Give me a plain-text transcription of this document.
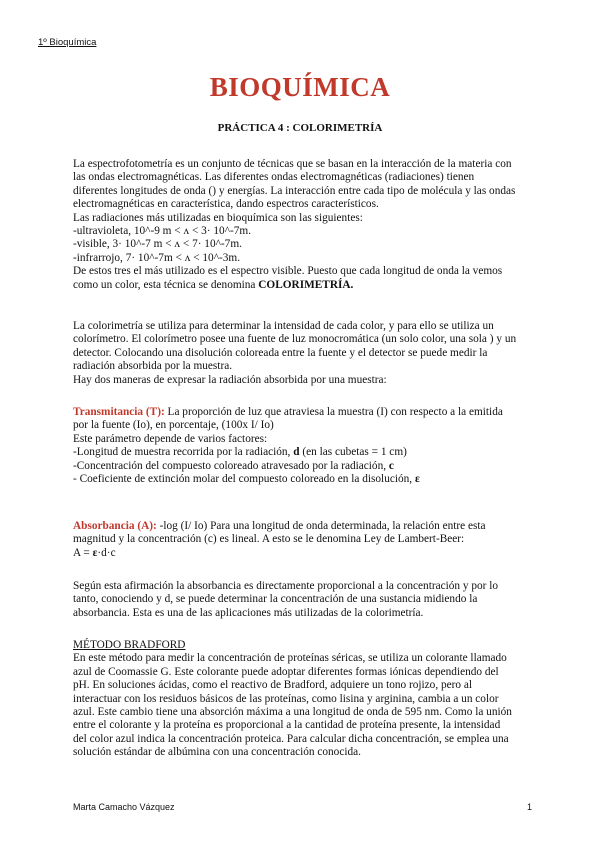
1º Bioquímica
BIOQUÍMICA
PRÁCTICA 4 : COLORIMETRÍA

La espectrofotometría es un conjunto de técnicas que se basan en la interacción de la materia con

las ondas electromagnéticas. Las diferentes ondas electromagnéticas (radiaciones) tienen

diferentes longitudes de onda () y energías. La interacción entre cada tipo de molécula y las ondas

electromagnéticas en característica, dando espectros característicos.

Las radiaciones más utilizadas en bioquímica son las siguientes:

-ultravioleta, 10^-9 m < ʌ < 3· 10^-7m.

-visible, 3· 10^-7 m < ʌ < 7· 10^-7m.

-infrarrojo, 7· 10^-7m < ʌ < 10^-3m.

De estos tres el más utilizado es el espectro visible. Puesto que cada longitud de onda la vemos

como un color, esta técnica se denomina COLORIMETRÍA.

La colorimetría se utiliza para determinar la intensidad de cada color, y para ello se utiliza un

colorímetro. El colorímetro posee una fuente de luz monocromática (un solo color, una sola ) y un

detector. Colocando una disolución coloreada entre la fuente y el detector se puede medir la

radiación absorbida por la muestra.

Hay dos maneras de expresar la radiación absorbida por una muestra:

Transmitancia (T): La proporción de luz que atraviesa la muestra (I) con respecto a la emitida

por la fuente (Io), en porcentaje, (100x I/ Io)

Este parámetro depende de varios factores:

-Longitud de muestra recorrida por la radiación, d (en las cubetas = 1 cm)

-Concentración del compuesto coloreado atravesado por la radiación, c

- Coeficiente de extinción molar del compuesto coloreado en la disolución, ε

Absorbancia (A): -log (I/ Io) Para una longitud de onda determinada, la relación entre esta

magnitud y la concentración (c) es lineal. A esto se le denomina Ley de Lambert-Beer:

A = ε·d·c

Según esta afirmación la absorbancia es directamente proporcional a la concentración y por lo

tanto, conociendo y d, se puede determinar la concentración de una sustancia midiendo la

absorbancia. Esta es una de las aplicaciones más utilizadas de la colorimetría.

MÉTODO BRADFORD

En este método para medir la concentración de proteínas séricas, se utiliza un colorante llamado

azul de Coomassie G. Este colorante puede adoptar diferentes formas iónicas dependiendo del

pH. En soluciones ácidas, como el reactivo de Bradford, adquiere un tono rojizo, pero al

interactuar con los residuos básicos de las proteínas, como lisina y arginina, cambia a un color

azul. Este cambio tiene una absorción máxima a una longitud de onda de 595 nm. Como la unión

entre el colorante y la proteína es proporcional a la cantidad de proteína presente, la intensidad

del color azul indica la concentración proteica. Para calcular dicha concentración, se emplea una

solución estándar de albúmina con una concentración conocida.

Marta Camacho Vázquez	1
